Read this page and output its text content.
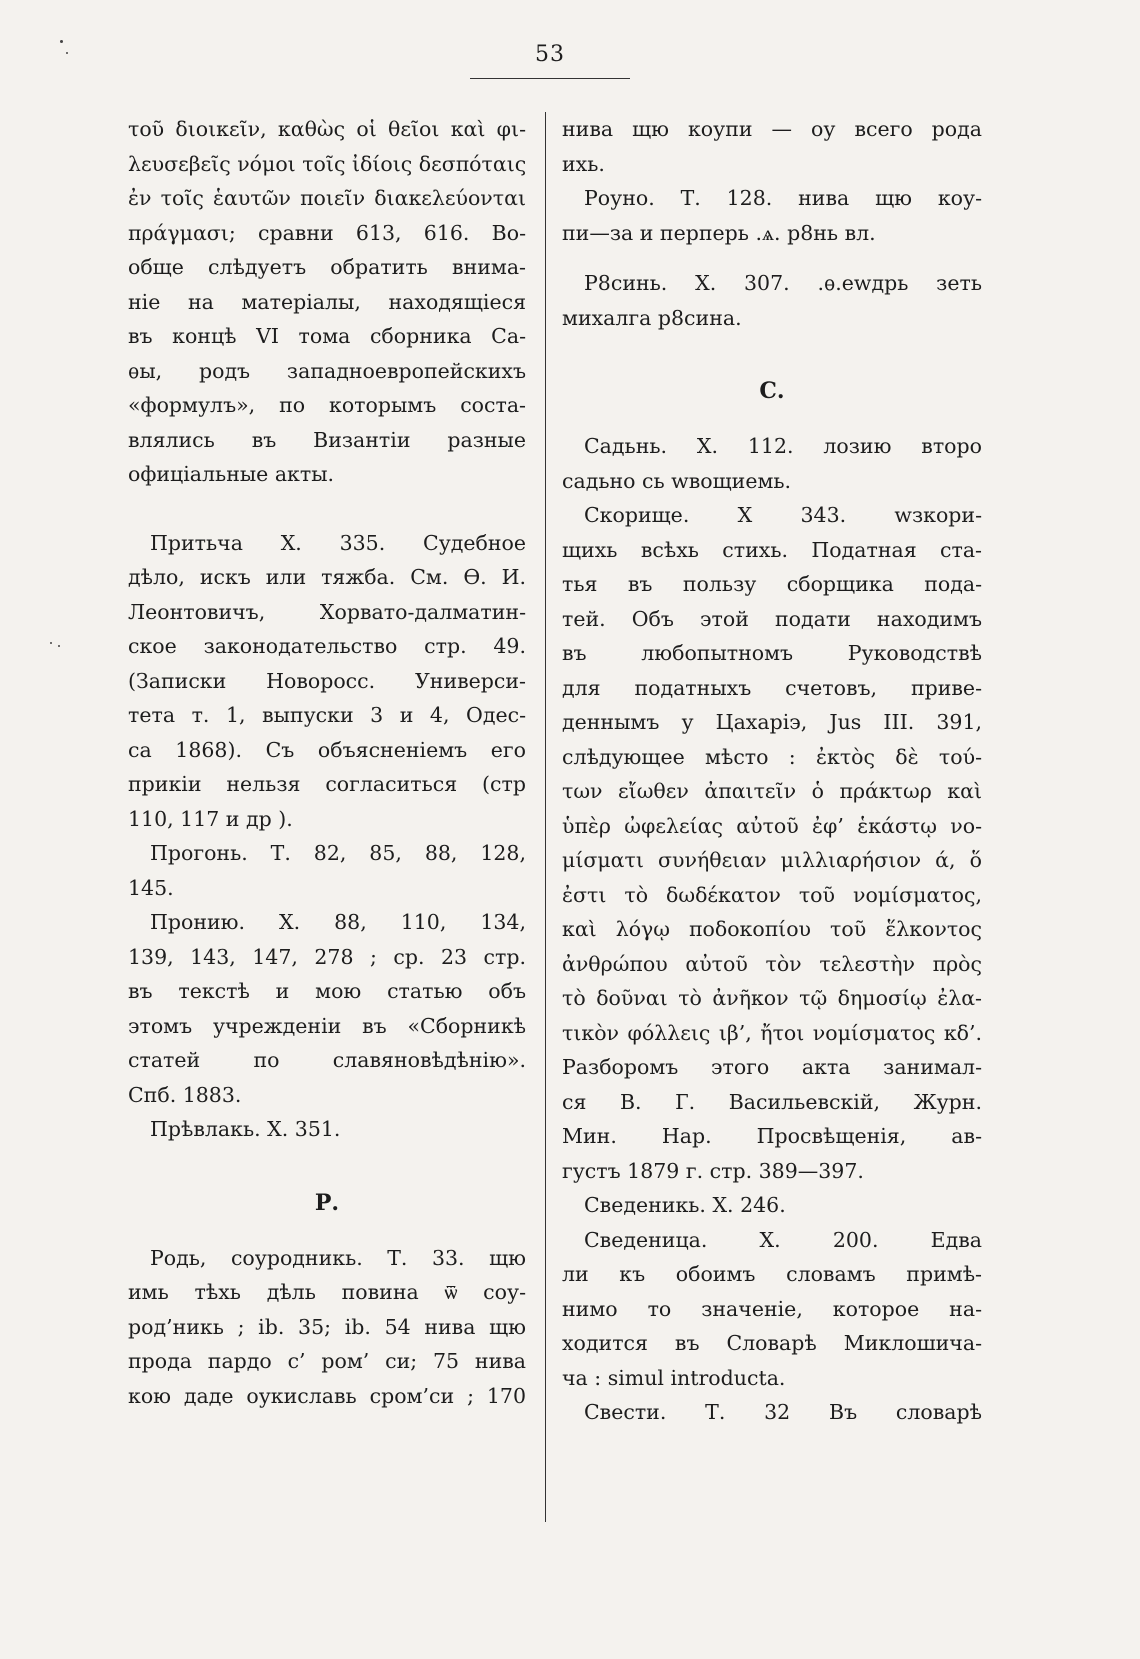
53
τοῦ διοικεῖν, καθὼς οἱ θεῖοι καὶ φι-
λευσεβεῖς νόμοι τοῖς ἰδίοις δεσπόταις
ἐν τοῖς ἑαυτῶν ποιεῖν διακελεύονται
πράγμασι; сравни 613, 616. Во-
обще слѣдуетъ обратить внима-
ніе на матеріалы, находящіеся
въ концѣ VI тома сборника Са-
ѳы, родъ западноевропейскихъ
«формулъ», по которымъ соста-
влялись въ Византіи разные
офиціальные акты.
Притьча Х. 335. Судебное
дѣло, искъ или тяжба. См. Ѳ. И.
Леонтовичъ, Хорвато-далматин-
ское законодательство стр. 49.
(Записки Новоросс. Универси-
тета т. 1, выпуски 3 и 4, Одес-
са 1868). Съ объясненіемъ его
прикіи нельзя согласиться (стр
110, 117 и др ).
Прогонь. Т. 82, 85, 88, 128,
145.
Пронию. Х. 88, 110, 134,
139, 143, 147, 278 ; ср. 23 стр.
въ текстѣ и мою статью объ
этомъ учрежденіи въ «Сборникѣ
статей по славяновѣдѣнію».
Спб. 1883.
Прѣвлакь. Х. 351.
Р.
Родь, соуродникь. Т. 33. щю
имь тѣхь дѣль повина ѿ соу-
род’никь ; ib. 35; ib. 54 нива щю
прода пардо с’ ром’ си; 75 нива
кою даде оукиславь сром’си ; 170
нива щю коупи — оу всего рода
ихь.
Роуно. Т. 128. нива щю коу-
пи—за и перперь .ѧ. р8нь вл.
Р8синь. Х. 307. .ѳ.еwдрь зеть
михалга р8сина.
С.
Садьнь. Х. 112. лозию второ
садьно сь wвощиемь.
Скорище. Х 343. wзкори-
щихь всѣхь стихь. Податная ста-
тья въ пользу сборщика пода-
тей. Объ этой подати находимъ
въ любопытномъ Руководствѣ
для податныхъ счетовъ, приве-
деннымъ у Цахаріэ, Jus III. 391,
слѣдующее мѣсто : ἐκτὸς δὲ τού-
των εἴωθεν ἀπαιτεῖν ὁ πράκτωρ καὶ
ὑπὲρ ὠφελείας αὐτοῦ ἐφ’ ἑκάστῳ νο-
μίσματι συνήθειαν μιλλιαρήσιον ά, ὅ
ἐστι τὸ δωδέκατον τοῦ νομίσματος,
καὶ λόγῳ ποδοκοπίου τοῦ ἕλκοντος
ἀνθρώπου αὐτοῦ τὸν τελεστὴν πρὸς
τὸ δοῦναι τὸ ἀνῆκον τῷ δημοσίῳ ἐλα-
τικὸν φόλλεις ιβ’, ἤτοι νομίσματος κδ’.
Разборомъ этого акта занимал-
ся В. Г. Васильевскій, Журн.
Мин. Нар. Просвѣщенія, ав-
густъ 1879 г. стр. 389—397.
Сведеникь. Х. 246.
Сведеница. Х. 200. Едва
ли къ обоимъ словамъ примѣ-
нимо то значеніе, которое на-
ходится въ Словарѣ Миклошича-
ча : simul introducta.
Свести. Т. 32 Въ словарѣ
